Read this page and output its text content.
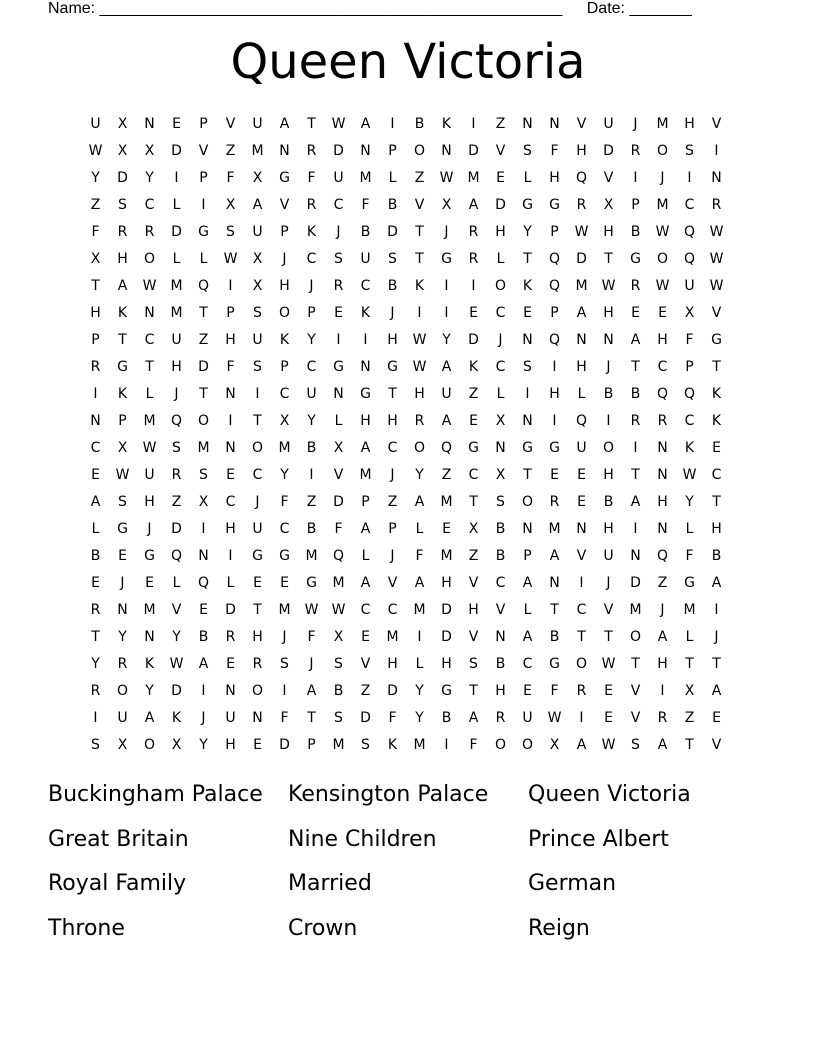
Name: ____________________________________________________ Date: _______
Queen Victoria
U	X	N	E	P	V	U	A	T	W	A	I	B	K	I	Z	N	N	V	U	J	M	H	V
W	X	X	D	V	Z	M	N	R	D	N	P	O	N	D	V	S	F	H	D	R	O	S	I
Y	D	Y	I	P	F	X	G	F	U	M	L	Z	W	M	E	L	H	Q	V	I	J	I	N
Z	S	C	L	I	X	A	V	R	C	F	B	V	X	A	D	G	G	R	X	P	M	C	R
F	R	R	D	G	S	U	P	K	J	B	D	T	J	R	H	Y	P	W	H	B	W	Q	W
X	H	O	L	L	W	X	J	C	S	U	S	T	G	R	L	T	Q	D	T	G	O	Q	W
T	A	W	M	Q	I	X	H	J	R	C	B	K	I	I	O	K	Q	M	W	R	W	U	W
H	K	N	M	T	P	S	O	P	E	K	J	I	I	E	C	E	P	A	H	E	E	X	V
P	T	C	U	Z	H	U	K	Y	I	I	H	W	Y	D	J	N	Q	N	N	A	H	F	G
R	G	T	H	D	F	S	P	C	G	N	G	W	A	K	C	S	I	H	J	T	C	P	T
I	K	L	J	T	N	I	C	U	N	G	T	H	U	Z	L	I	H	L	B	B	Q	Q	K
N	P	M	Q	O	I	T	X	Y	L	H	H	R	A	E	X	N	I	Q	I	R	R	C	K
C	X	W	S	M	N	O	M	B	X	A	C	O	Q	G	N	G	G	U	O	I	N	K	E
E	W	U	R	S	E	C	Y	I	V	M	J	Y	Z	C	X	T	E	E	H	T	N	W	C
A	S	H	Z	X	C	J	F	Z	D	P	Z	A	M	T	S	O	R	E	B	A	H	Y	T
L	G	J	D	I	H	U	C	B	F	A	P	L	E	X	B	N	M	N	H	I	N	L	H
B	E	G	Q	N	I	G	G	M	Q	L	J	F	M	Z	B	P	A	V	U	N	Q	F	B
E	J	E	L	Q	L	E	E	G	M	A	V	A	H	V	C	A	N	I	J	D	Z	G	A
R	N	M	V	E	D	T	M	W W	C	C	M	D	H	V	L	T	C	V	M	J	M	I
T	Y	N	Y	B	R	H	J	F	X	E	M	I	D	V	N	A	B	T	T	O	A	L	J
Y	R	K	W	A	E	R	S	J	S	V	H	L	H	S	B	C	G	O	W	T	H	T	T
R	O	Y	D	I	N	O	I	A	B	Z	D	Y	G	T	H	E	F	R	E	V	I	X	A
I	U	A	K	J	U	N	F	T	S	D	F	Y	B	A	R	U	W	I	E	V	R	Z	E
S	X	O	X	Y	H	E	D	P	M	S	K	M	I	F	O	O	X	A	W	S	A	T	V
Buckingham Palace	Kensington Palace	Queen Victoria
Great Britain	Nine Children	Prince Albert
Royal Family	Married	German
Throne	Crown	Reign
